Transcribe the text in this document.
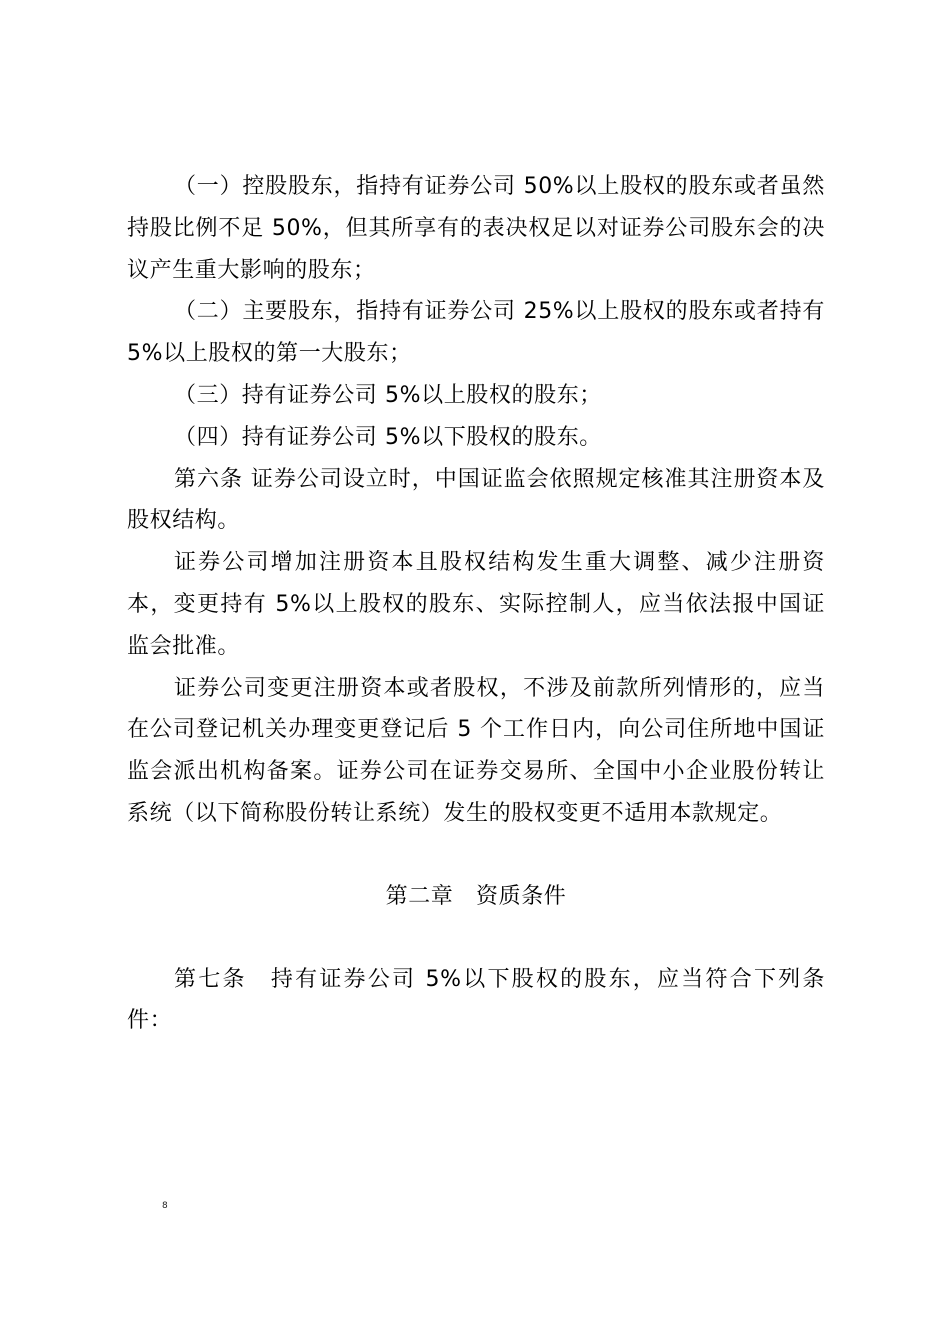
（一）控股股东，指持有证券公司 50%以上股权的股东或者虽然持股比例不足 50%，但其所享有的表决权足以对证券公司股东会的决议产生重大影响的股东；

（二）主要股东，指持有证券公司 25%以上股权的股东或者持有 5%以上股权的第一大股东；

（三）持有证券公司 5%以上股权的股东；

（四）持有证券公司 5%以下股权的股东。

第六条 证券公司设立时，中国证监会依照规定核准其注册资本及股权结构。

证券公司增加注册资本且股权结构发生重大调整、减少注册资本，变更持有 5%以上股权的股东、实际控制人，应当依法报中国证监会批准。

证券公司变更注册资本或者股权，不涉及前款所列情形的，应当在公司登记机关办理变更登记后 5 个工作日内，向公司住所地中国证监会派出机构备案。证券公司在证券交易所、全国中小企业股份转让系统（以下简称股份转让系统）发生的股权变更不适用本款规定。

第二章　资质条件

第七条　持有证券公司 5%以下股权的股东，应当符合下列条件：

8
